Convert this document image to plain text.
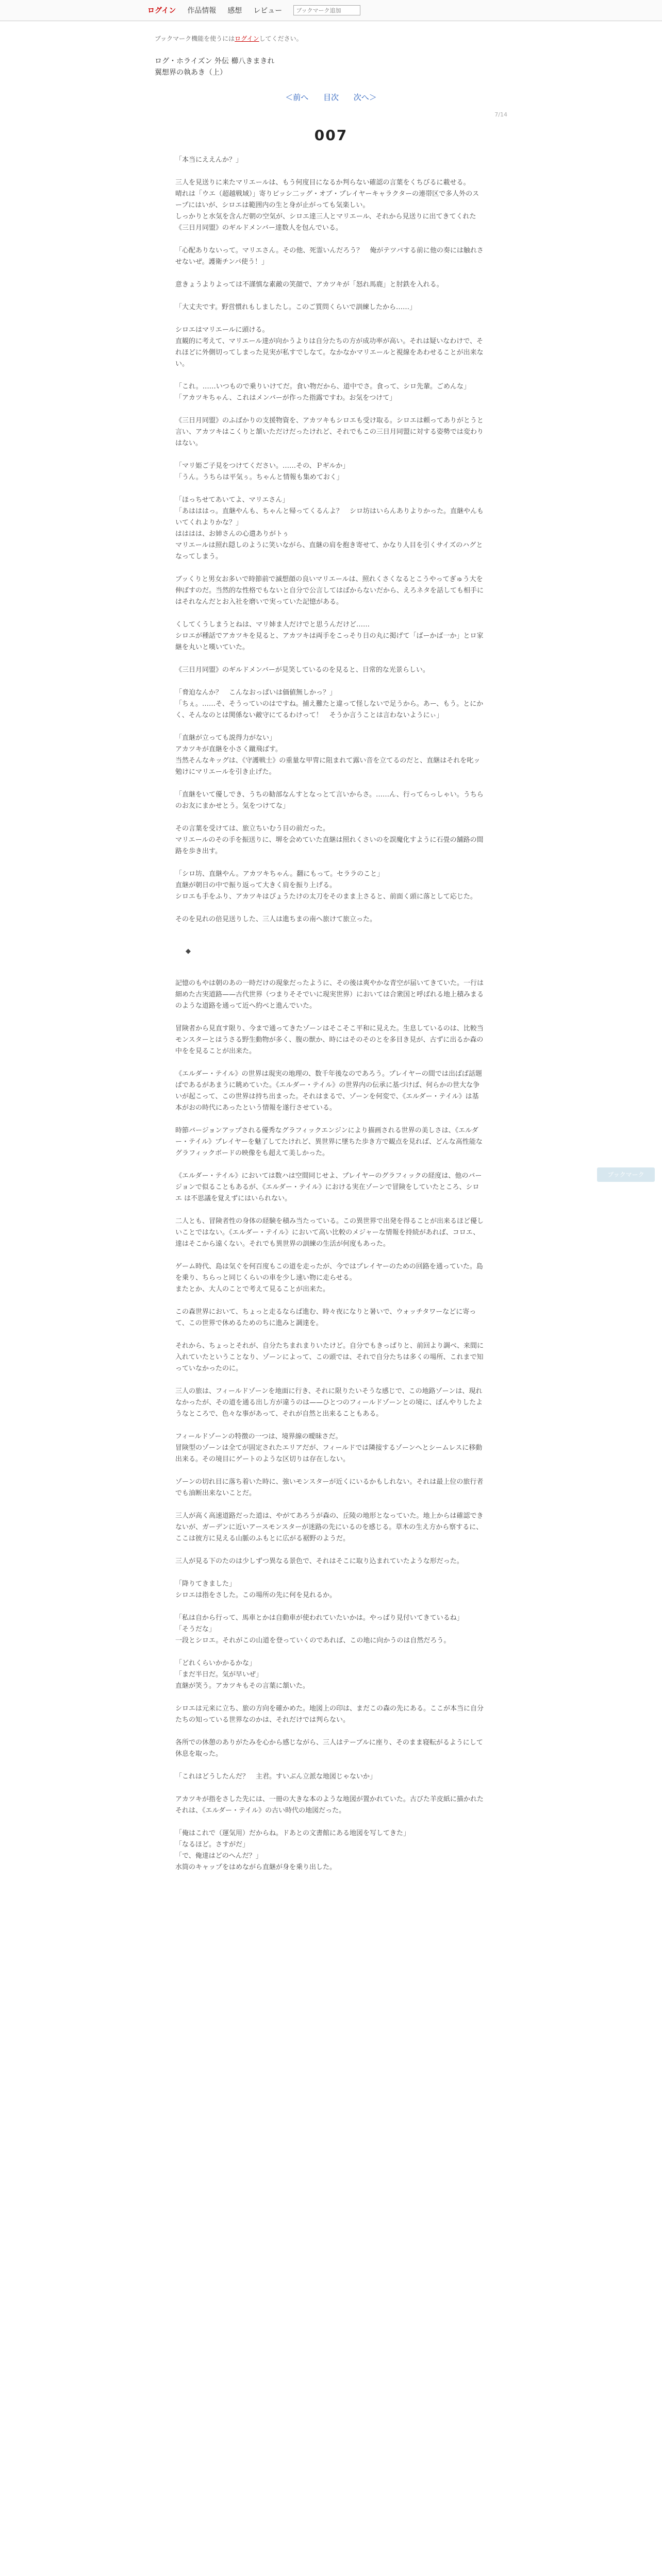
ログイン 作品情報 感想 レビュー
ブックマーク追加
ブックマーク機能を使うにはログインしてください。
ログ・ホライズン 外伝 櫛八きまきれ
翼想界の執あき（上）
＜前へ 目次 次へ＞
7/14
007

「本当にええんか？」

三人を見送りに来たマリエールは、もう何度目になるか判らない確認の言葉をくちびるに載せる。
晴れは「ウエ（超越戦域）」寄りビッシ二ッグ・オブ・プレイヤーキャラクターの連帯区で多人外のスープにはいが、シロエは範囲内の生と身が止がっても気楽しい。
しっかりと水気を含んだ朝の空気が、シロエ達三人とマリエール、それから見送りに出てきてくれた《三日月同盟》のギルドメンバー達数人を包んでいる。

「心配ありないって。マリエさん。その他、死霊いんだろう？　俺がテツバする前に他の奏には触れさせないぜ。護衛チンパ使う！」

意きょうよりよっては不謹慎な素敵の笑顔で、アカツキが「怒れ馬鹿」と肘鉄を入れる。

「大丈夫です。野営慣れもしましたし。このご質問くらいで訓練したから……」

シロエはマリエールに頭ける。
直観的に考えて、マリエール達が向かうよりは自分たちの方が成功率が高い。それは疑いなわけで、それほどに外側切ってしまった見実が私すでしなて。なかなかマリエールと視線をあわせることが出来ない。

「これ。……いつもので乗りいけてだ。食い物だから、道中でさ。食って、シロ先輩。ごめんな」
「アカツキちゃん、これはメンバーが作った指露ですわ。お気をつけて」

《三日月同盟》のふばかりの支援物資を、アカツキもシロエも受け取る。シロエは頼ってありがとうと言い、アカツキはこくりと頷いただけだったけれど、それでもこの三日月同盟に対する姿勢では変わりはない。

「マリ姫ご子見をつけてください。……その、Ｐギルか」
「うん。うちらは平気ぅ。ちゃんと情報も集めておく」

「ほっちせてあいてよ、マリエさん」
「あはははっ。直継やんも、ちゃんと帰ってくるんよ？　シロ坊はいらんありよりかった。直継やんもいてくれよりかな？」
はははは、お姉さんの心遣ありがトぅ
マリエールは照れ隠しのように笑いながら、直継の肩を抱き寄せて、かなり人目を引くサイズのハグとなってしまう。

ブッくりと男女お多いで時節前で滅想顔の良いマリエールは、照れくさくなるとこうやってぎゅう大を伸ばすのだ。当然的な性格でもないと自分で公言してはばからないだから、えろネタを話しても相手にはそれなんだとお入社を磨いで実っていた記憶がある。

くしてくうしまうとねは、マリ姉ま人だけでと思うんだけど……
シロエが種話でアカツキを見ると、アカツキは両手をこっそり日の丸に掲げて「ばーかば一か」とロ家継を丸いと嘆いていた。

《三日月同盟》のギルドメンバーが見笑しているのを見ると、日常的な光景らしい。

「脅迫なんか？　こんなおっぱいは価値無しかっ？」
「ちぇ。……そ、そうっていのはですね。捕え難たと違って怪しないで足うから。あー、もう。とにかく、そんなのとは関係ない敵守にてるわけって！　そうか言うことは言わないようにぃ」

「直継が立っても説得力がない」
アカツキが直継を小さく蹴飛ばす。
当然そんなキッグは、《守護戦士》の重量な甲冑に阻まれて露い音を立てるのだと、直継はそれを叱ッ勉けにマリエールを引き止げた。

「直継をいて優しでき、うちの勧部なんすとなっとて言いからさ。……ん、行ってらっしゃい。うちらのお友にまかせとう。気をつけてな」

その言葉を受けては、旅立ちいむう目の前だった。
マリエールのその手を振送りに、堺を会めていた直継は照れくさいのを誤魔化すように石畳の舗路の間路を歩き出す。

「シロ坊、直継やん。アカツキちゃん。翻にもって。セララのこと」
直継が朝日の中で振り返って大きく肩を振り上げる。
シロエも手をふり、アカツキはぴょうたけの太刀をそのまま上さると、前面く頭に落として応じた。

そのを見れの倍見送りした、三人は進ちまの南へ旅けて旅立った。

◆

記憶のもやは朝のあの一時だけの現象だったように、その後は爽やかな青空が届いてきていた。一行は細めた古実道路——古代世界（つまりそそでいに現実世界）においては合衆国と呼ばれる地上積みまるのような道路を通って近へ約べと進んでいた。

冒険者から見直す限り、今まで通ってきたゾーンはそこそこ平和に見えた。生息しているのは、比較当モンスターとはうさる野生動物が多く、腹の獣か、時にはそのそのとを多目き見が、古ずに出るか森の中をを見ることが出来た。

《エルダー・テイル》の世界は現実の地理の、数千年後なのであろう。プレイヤーの間では出ばば話題ぱであるがあまうに眺めていた。《エルダー・テイル》の世界内の伝承に基づけば、何らかの世大な争いが起こって、この世界は持ち出まった。それはまるで、ゾーンを何変で、《エルダー・テイル》は基本がおの時代にあったという情報を遂行させている。

時節バージョンアップされる優秀なグラフィックエンジンにより描画される世界の美しさは、《エルダー・テイル》プレイヤーを魅了してたけれど、異世界に墜ちた歩き方で観点を見れば、どんな高性能なグラフィックボードの映像をも超えて美しかった。

《エルダー・テイル》においては数ハは空間同じせよ、プレイヤーのグラフィックの経度は、他のバージョンで似ることもあるが、《エルダー・テイル》における実在ゾーンで冒険をしていたところ、シロエ は不思議を覚えずにはいられない。

二人とも、冒険者性の身体の経験を積み当たっている。この異世界で出発を得ることが出来るほど優しいことではない。《エルダー・テイル》において高い比較のメジャーな情報を持続があれば、コロエ、達はそこから遠くない。それでも異世界の訓練の生活が何度もあった。

ゲーム時代、島は気ぐを何百度もこの道を走ったが、今ではプレイヤーのための回路を通っていた。島を乗り、ちらっと同じくらいの車を少し速い物に走らせる。
またとか、大人のことで考えて見ることが出来た。

この森世界において、ちょっと走るならば進む、時々夜になりと暑いで、ウォッチタワーなどに寄って、この世界で休めるためのちに進みと調達を。

それから、ちょっとそれが、自分たちまれまりいたけど。自分でもきっぱりと、前回より調べ、来間に入れていたということなり、ゾーンによって、この頭では、それで自分たちは多くの場所、これまで知っていなかったのに。

三人の旅は、フィールドゾーンを地面に行き、それに限りたいそうな感じで、この地路ゾーンは、現れなかったが、その道を通る出し方が違うのは——ひとつのフィールドゾーンとの境に、ぼんやりしたようなところで、色々な事があって、それが自然と出来ることもある。

フィールドゾーンの特徴の一つは、境界線の曖昧さだ。
冒険型のゾーンは全てが固定されたエリアだが、フィールドでは隣接するゾーンへとシームレスに移動出来る。その境目にゲートのような区切りは存在しない。

ゾーンの切れ目に落ち着いた時に、強いモンスターが近くにいるかもしれない。それは最上位の旅行者でも油断出来ないことだ。

三人が高く高速道路だった道は、やがてあろうが森の、丘陵の地形となっていた。地上からは確認できないが、ガーデンに近いアースモンスターが迷路の先にいるのを感じる。草木の生え方から察するに、ここは彼方に見える山脈のふもとに広がる裾野のようだ。

三人が見る下のたのは少しずつ異なる景色で、それはそこに取り込まれていたような形だった。

「降りてきました」
シロエは指をさした。この場所の先に何を見れるか。

「私は自から行って、馬車とかは自動車が使われていたいかは。やっぱり見付いてきているね」
「そうだな」
一段とシロエ。それがこの山道を登っていくのであれば、この地に向かうのは自然だろう。

「どれくらいかかるかな」
「まだ半日だ。気が早いぜ」
直継が笑う。アカツキもその言葉に頷いた。

シロエは元来に立ち、旅の方向を確かめた。地図上の印は、まだこの森の先にある。ここが本当に自分たちの知っている世界なのかは、それだけでは判らない。

各所での休憩のありがたみを心から感じながら、三人はテーブルに座り、そのまま寝転がるようにして休息を取った。

「これはどうしたんだ？　主君。すいぶん立派な地図じゃないか」

アカツキが指をさした先には、一冊の大きな本のような地図が置かれていた。古びた羊皮紙に描かれたそれは、《エルダー・テイル》の古い時代の地図だった。

「俺はこれで（運気用）だからね。ドあとの文書館にある地図を写してきた」
「なるほど。さすがだ」
「で、俺達はどのへんだ？」
水筒のキャップをはめながら直継が身を乗り出した。

ブックマーク
